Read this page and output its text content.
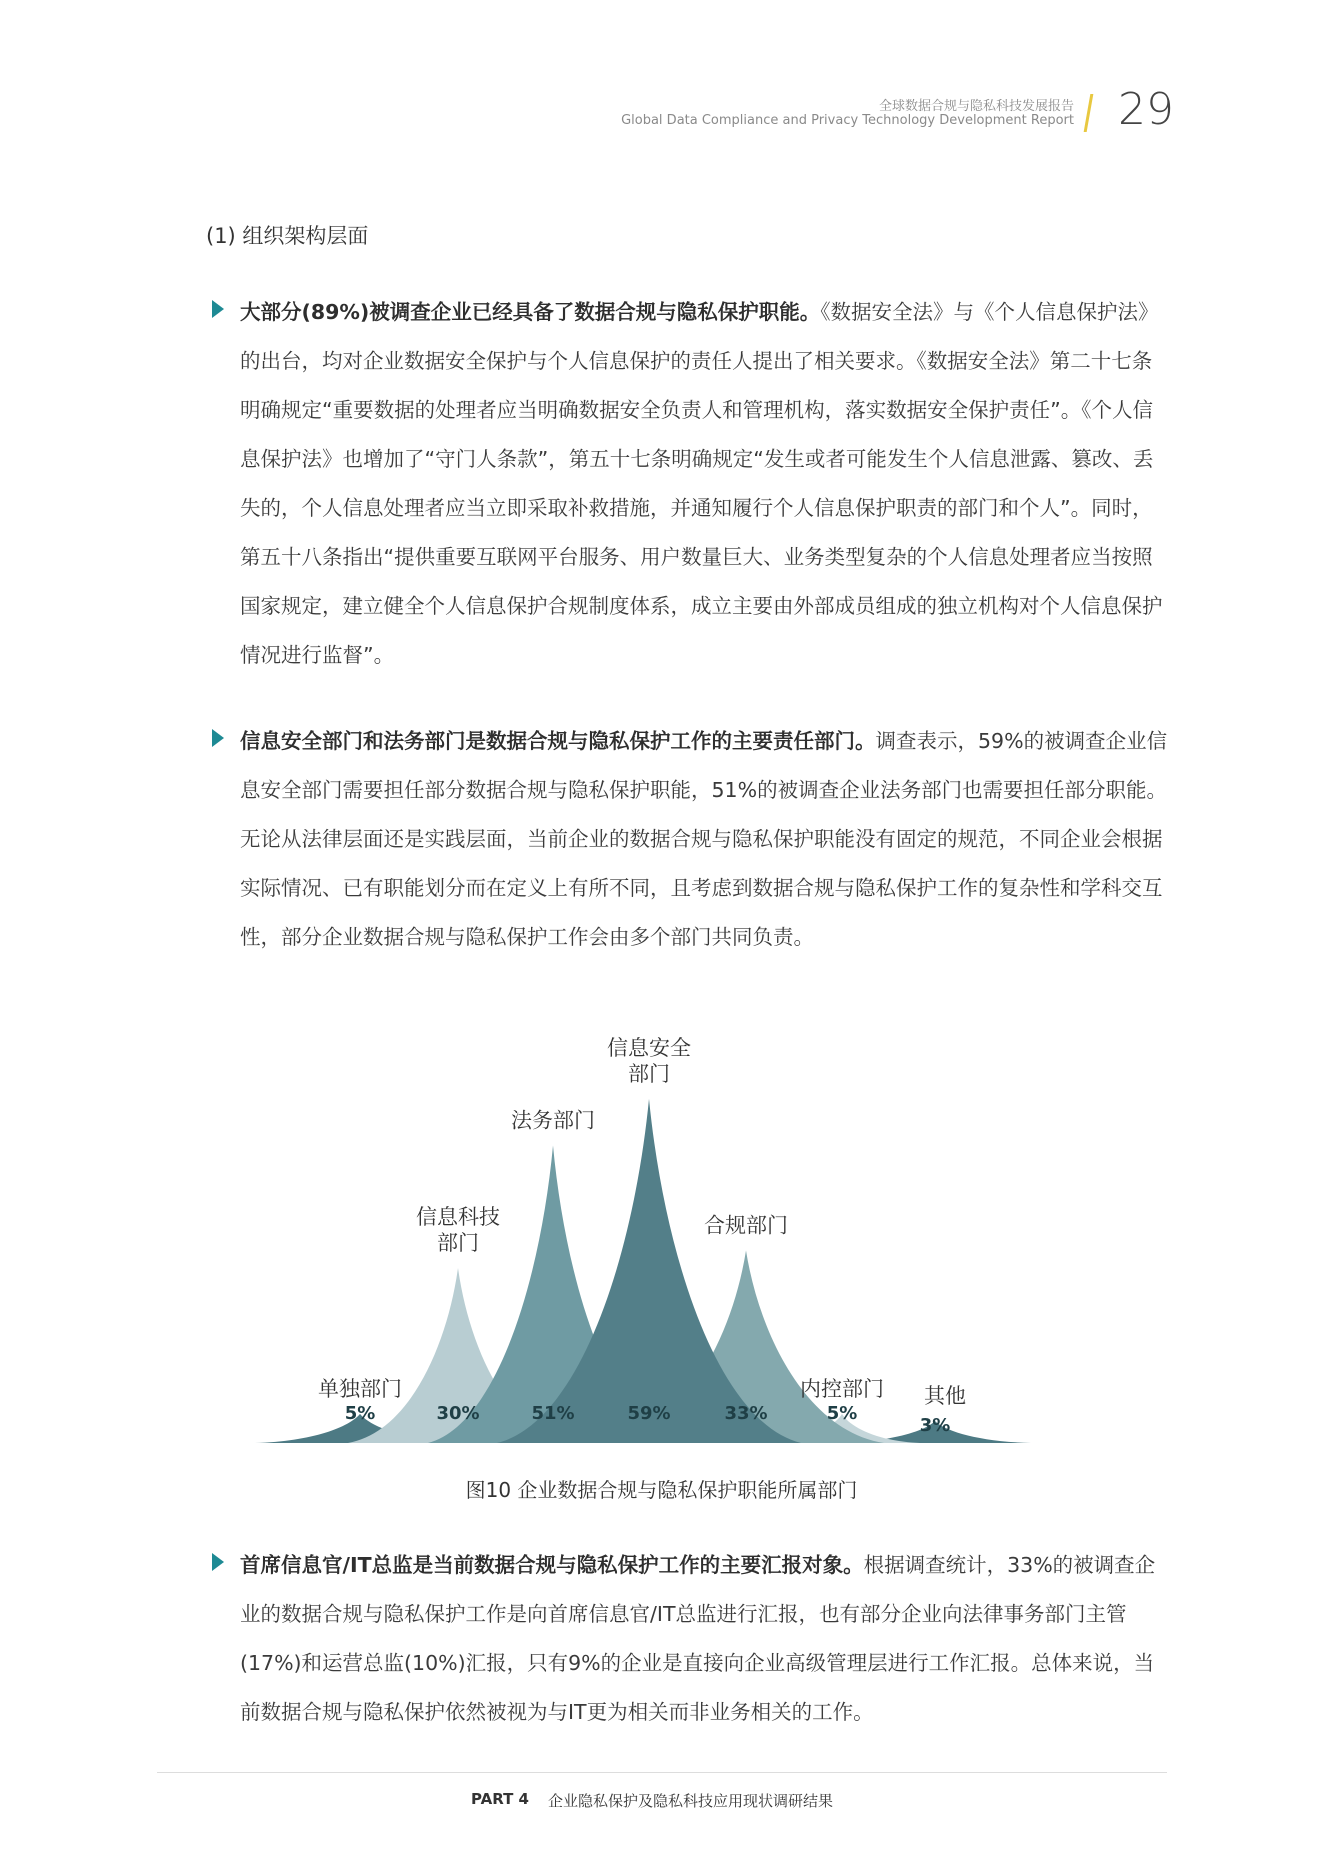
全球数据合规与隐私科技发展报告
Global Data Compliance and Privacy Technology Development Report 29
(1) 组织架构层面

大部分(89%)被调查企业已经具备了数据合规与隐私保护职能。《数据安全法》与《个人信息保护法》的出台，均对企业数据安全保护与个人信息保护的责任人提出了相关要求。《数据安全法》第二十七条明确规定“重要数据的处理者应当明确数据安全负责人和管理机构，落实数据安全保护责任”。《个人信息保护法》也增加了“守门人条款”，第五十七条明确规定“发生或者可能发生个人信息泄露、篡改、丢失的，个人信息处理者应当立即采取补救措施，并通知履行个人信息保护职责的部门和个人”。同时，第五十八条指出“提供重要互联网平台服务、用户数量巨大、业务类型复杂的个人信息处理者应当按照国家规定，建立健全个人信息保护合规制度体系，成立主要由外部成员组成的独立机构对个人信息保护情况进行监督”。

信息安全部门和法务部门是数据合规与隐私保护工作的主要责任部门。调查表示，59%的被调查企业信息安全部门需要担任部分数据合规与隐私保护职能，51%的被调查企业法务部门也需要担任部分职能。无论从法律层面还是实践层面，当前企业的数据合规与隐私保护职能没有固定的规范，不同企业会根据实际情况、已有职能划分而在定义上有所不同，且考虑到数据合规与隐私保护工作的复杂性和学科交互性，部分企业数据合规与隐私保护工作会由多个部门共同负责。

5%	30%	51%	59%	33%	5%
3%
单独部门
信息科技部门
法务部门
信息安全部门
合规部门
内控部门 其他
图10 企业数据合规与隐私保护职能所属部门

首席信息官/IT总监是当前数据合规与隐私保护工作的主要汇报对象。根据调查统计，33%的被调查企业的数据合规与隐私保护工作是向首席信息官/IT总监进行汇报，也有部分企业向法律事务部门主管(17%)和运营总监(10%)汇报，只有9%的企业是直接向企业高级管理层进行工作汇报。总体来说，当前数据合规与隐私保护依然被视为与IT更为相关而非业务相关的工作。

PART 4 企业隐私保护及隐私科技应用现状调研结果
